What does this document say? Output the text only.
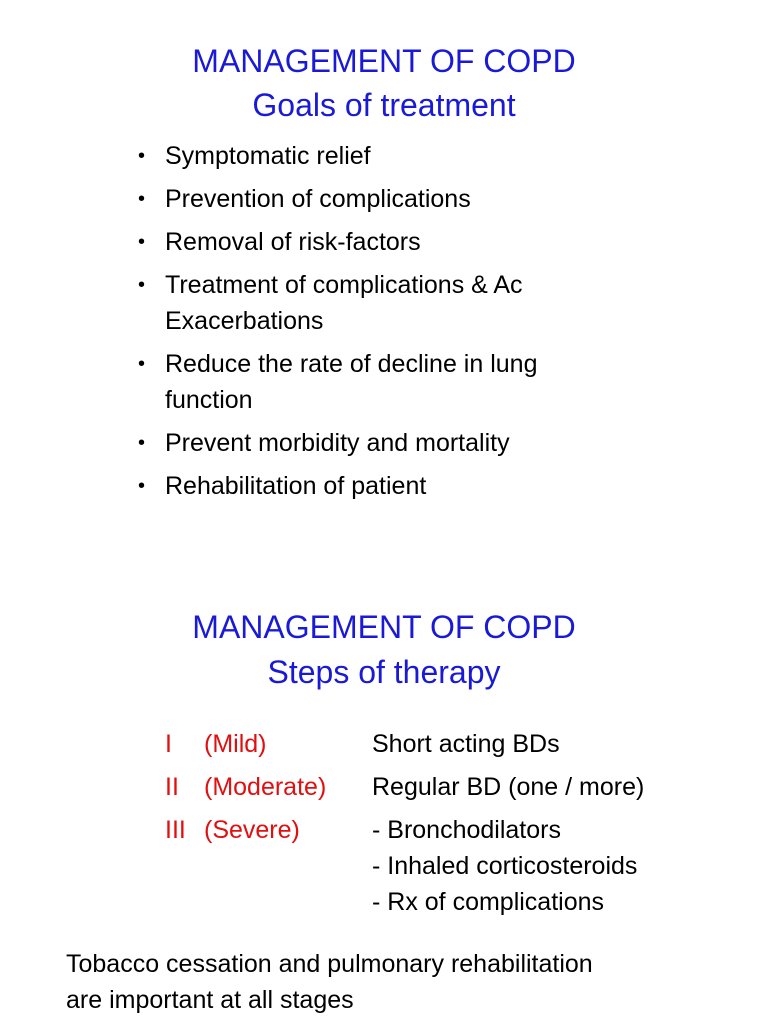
MANAGEMENT OF COPD
Goals of treatment
• Symptomatic relief
• Prevention of complications
• Removal of risk-factors
• Treatment of complications & Ac
Exacerbations
• Reduce the rate of decline in lung
function
• Prevent morbidity and mortality
• Rehabilitation of patient
MANAGEMENT OF COPD
Steps of therapy
I (Mild)	Short acting BDs
II (Moderate) Regular BD (one / more)
III (Severe)	- Bronchodilators
- Inhaled corticosteroids
- Rx of complications

Tobacco cessation and pulmonary rehabilitation
are important at all stages
